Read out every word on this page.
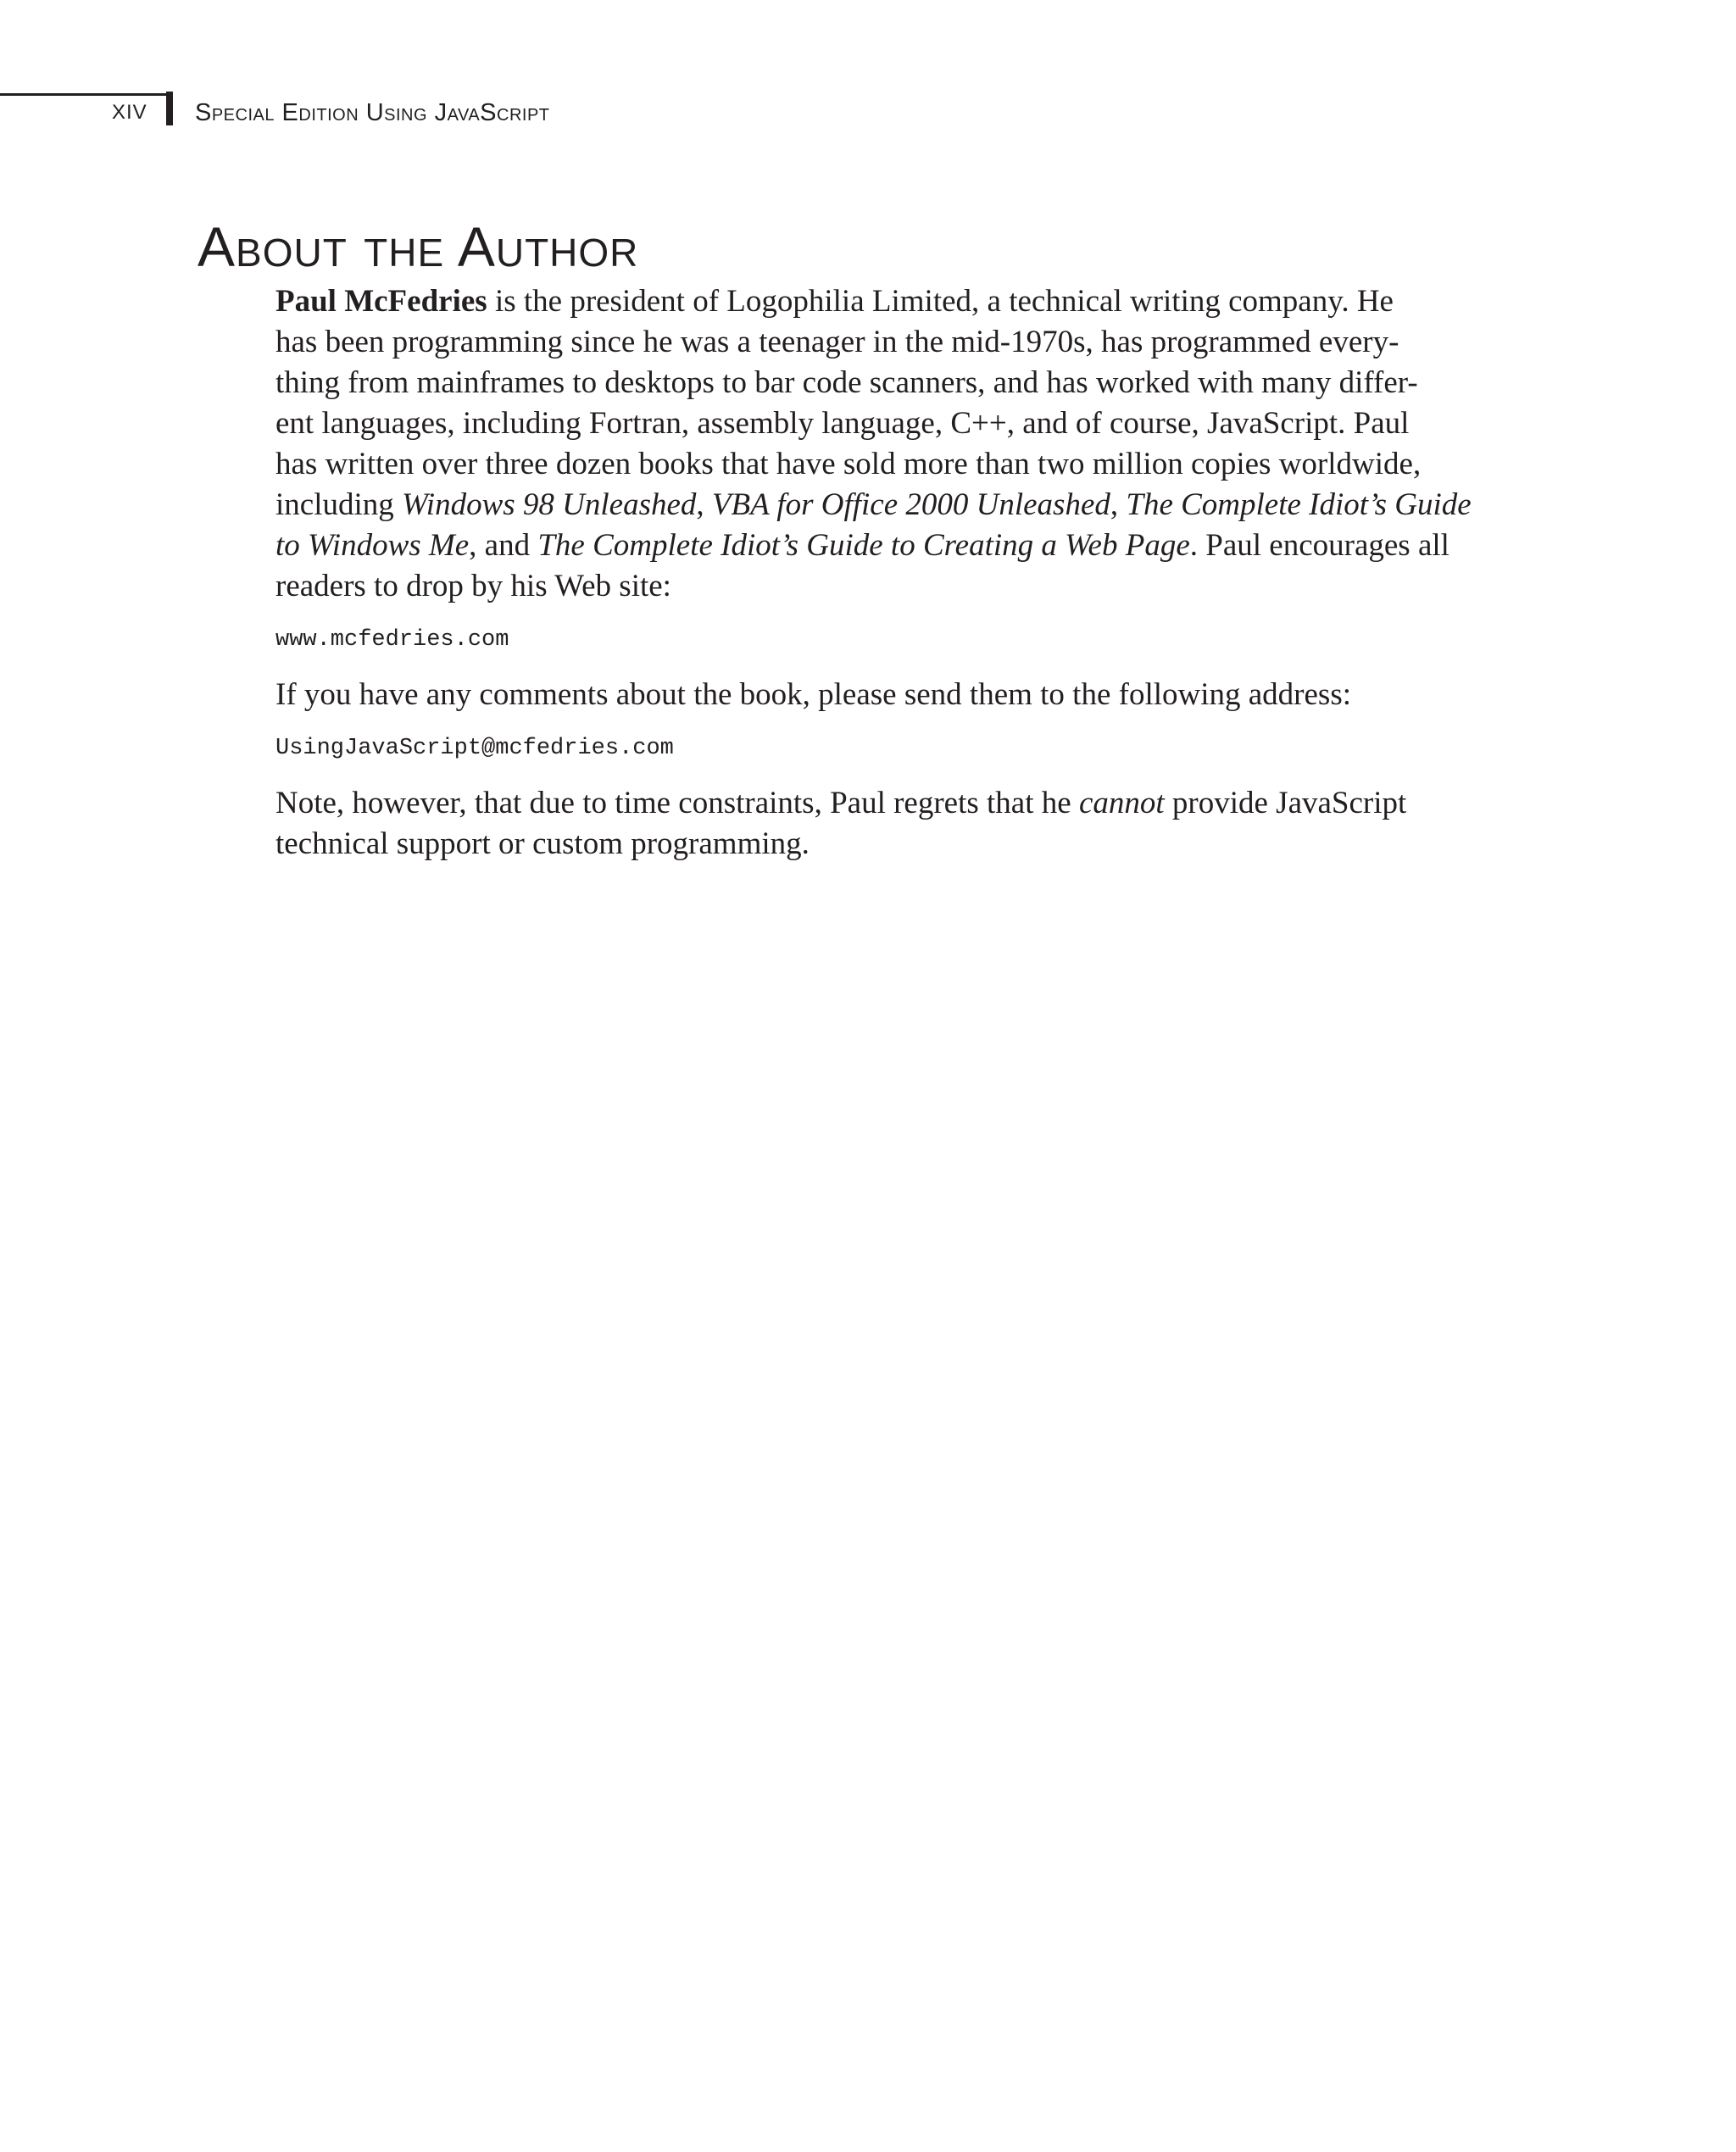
XIV Special Edition Using JavaScript
About the Author

Paul McFedries is the president of Logophilia Limited, a technical writing company. He
has been programming since he was a teenager in the mid-1970s, has programmed every-
thing from mainframes to desktops to bar code scanners, and has worked with many differ-
ent languages, including Fortran, assembly language, C++, and of course, JavaScript. Paul
has written over three dozen books that have sold more than two million copies worldwide,
including Windows 98 Unleashed, VBA for Office 2000 Unleashed, The Complete Idiot’s Guide
to Windows Me, and The Complete Idiot’s Guide to Creating a Web Page. Paul encourages all
readers to drop by his Web site:

www.mcfedries.com

If you have any comments about the book, please send them to the following address:

UsingJavaScript@mcfedries.com

Note, however, that due to time constraints, Paul regrets that he cannot provide JavaScript
technical support or custom programming.
